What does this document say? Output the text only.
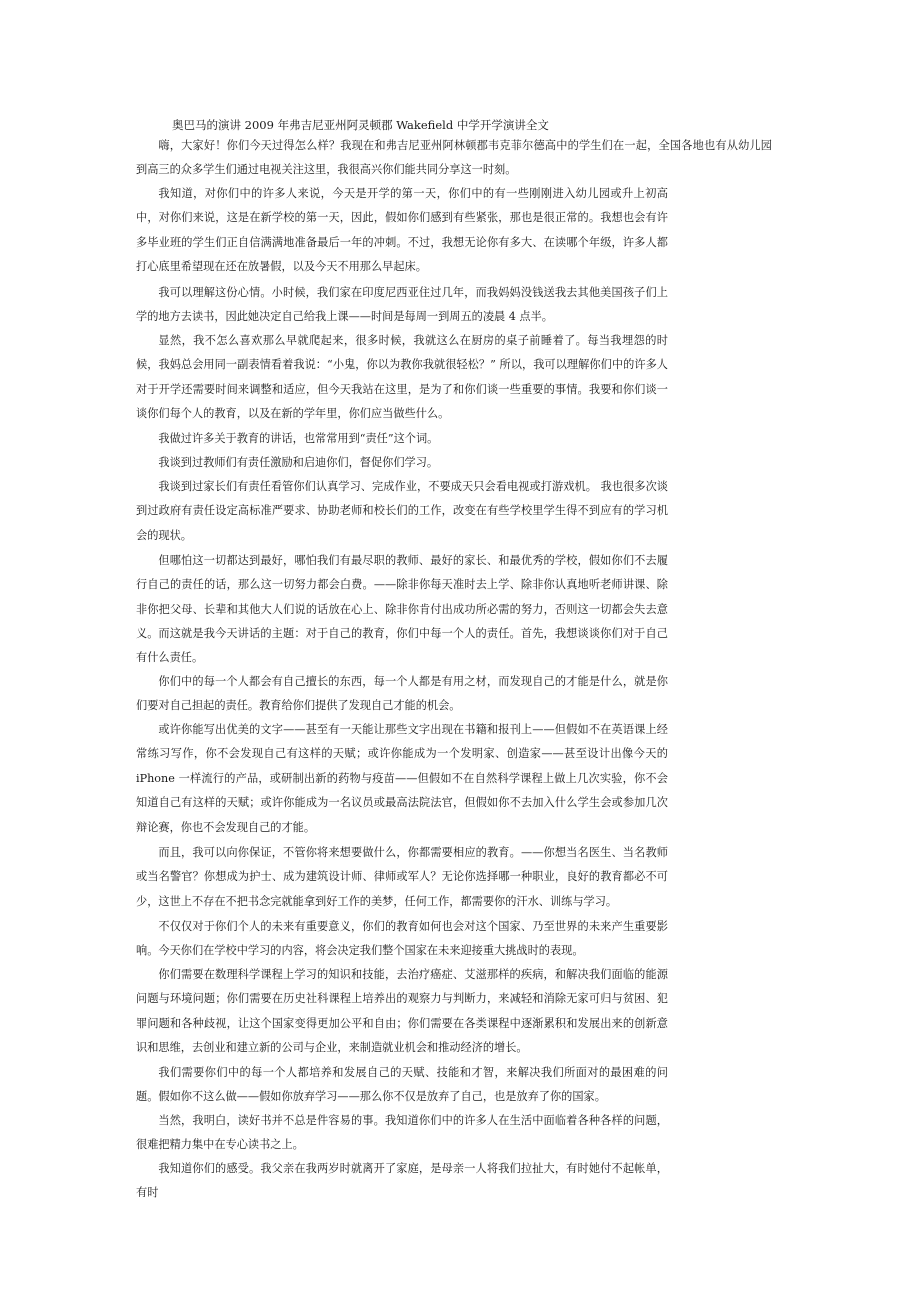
奥巴马的演讲 2009 年弗吉尼亚州阿灵顿郡 Wakefield 中学开学演讲全文

嗨，大家好！你们今天过得怎么样？我现在和弗吉尼亚州阿林顿郡韦克菲尔德高中的学生们在一起，全国各地也有从幼儿园到高三的众多学生们通过电视关注这里，我很高兴你们能共同分享这一时刻。

我知道，对你们中的许多人来说，今天是开学的第一天，你们中的有一些刚刚进入幼儿园或升上初高中，对你们来说，这是在新学校的第一天，因此，假如你们感到有些紧张，那也是很正常的。我想也会有许多毕业班的学生们正自信满满地准备最后一年的冲刺。不过，我想无论你有多大、在读哪个年级，许多人都打心底里希望现在还在放暑假，以及今天不用那么早起床。

我可以理解这份心情。小时候，我们家在印度尼西亚住过几年，而我妈妈没钱送我去其他美国孩子们上学的地方去读书，因此她决定自己给我上课——时间是每周一到周五的凌晨 4 点半。

显然，我不怎么喜欢那么早就爬起来，很多时候，我就这么在厨房的桌子前睡着了。每当我埋怨的时候，我妈总会用同一副表情看着我说：“小鬼，你以为教你我就很轻松？” 所以，我可以理解你们中的许多人对于开学还需要时间来调整和适应，但今天我站在这里，是为了和你们谈一些重要的事情。我要和你们谈一谈你们每个人的教育，以及在新的学年里，你们应当做些什么。

我做过许多关于教育的讲话，也常常用到“责任”这个词。

我谈到过教师们有责任激励和启迪你们，督促你们学习。

我谈到过家长们有责任看管你们认真学习、完成作业，不要成天只会看电视或打游戏机。 我也很多次谈到过政府有责任设定高标准严要求、协助老师和校长们的工作，改变在有些学校里学生得不到应有的学习机会的现状。

但哪怕这一切都达到最好，哪怕我们有最尽职的教师、最好的家长、和最优秀的学校，假如你们不去履行自己的责任的话，那么这一切努力都会白费。——除非你每天准时去上学、除非你认真地听老师讲课、除非你把父母、长辈和其他大人们说的话放在心上、除非你肯付出成功所必需的努力，否则这一切都会失去意义。 而这就是我今天讲话的主题：对于自己的教育，你们中每一个人的责任。首先，我想谈谈你们对于自己有什么责任。

你们中的每一个人都会有自己擅长的东西，每一个人都是有用之材，而发现自己的才能是什么，就是你们要对自己担起的责任。教育给你们提供了发现自己才能的机会。

或许你能写出优美的文字——甚至有一天能让那些文字出现在书籍和报刊上——但假如不在英语课上经常练习写作，你不会发现自己有这样的天赋；或许你能成为一个发明家、创造家——甚至设计出像今天的 iPhone 一样流行的产品，或研制出新的药物与疫苗——但假如不在自然科学课程上做上几次实验，你不会知道自己有这样的天赋；或许你能成为一名议员或最高法院法官，但假如你不去加入什么学生会或参加几次辩论赛，你也不会发现自己的才能。

而且，我可以向你保证，不管你将来想要做什么，你都需要相应的教育。——你想当名医生、当名教师或当名警官？你想成为护士、成为建筑设计师、律师或军人？无论你选择哪一种职业，良好的教育都必不可少，这世上不存在不把书念完就能拿到好工作的美梦，任何工作，都需要你的汗水、训练与学习。

不仅仅对于你们个人的未来有重要意义，你们的教育如何也会对这个国家、乃至世界的未来产生重要影响。今天你们在学校中学习的内容，将会决定我们整个国家在未来迎接重大挑战时的表现。

你们需要在数理科学课程上学习的知识和技能，去治疗癌症、艾滋那样的疾病，和解决我们面临的能源问题与环境问题；你们需要在历史社科课程上培养出的观察力与判断力，来减轻和消除无家可归与贫困、犯罪问题和各种歧视，让这个国家变得更加公平和自由；你们需要在各类课程中逐渐累积和发展出来的创新意识和思维，去创业和建立新的公司与企业，来制造就业机会和推动经济的增长。

我们需要你们中的每一个人都培养和发展自己的天赋、技能和才智，来解决我们所面对的最困难的问题。假如你不这么做——假如你放弃学习——那么你不仅是放弃了自己，也是放弃了你的国家。

当然，我明白，读好书并不总是件容易的事。我知道你们中的许多人在生活中面临着各种各样的问题，很难把精力集中在专心读书之上。

我知道你们的感受。我父亲在我两岁时就离开了家庭，是母亲一人将我们拉扯大，有时她付不起帐单，有时
